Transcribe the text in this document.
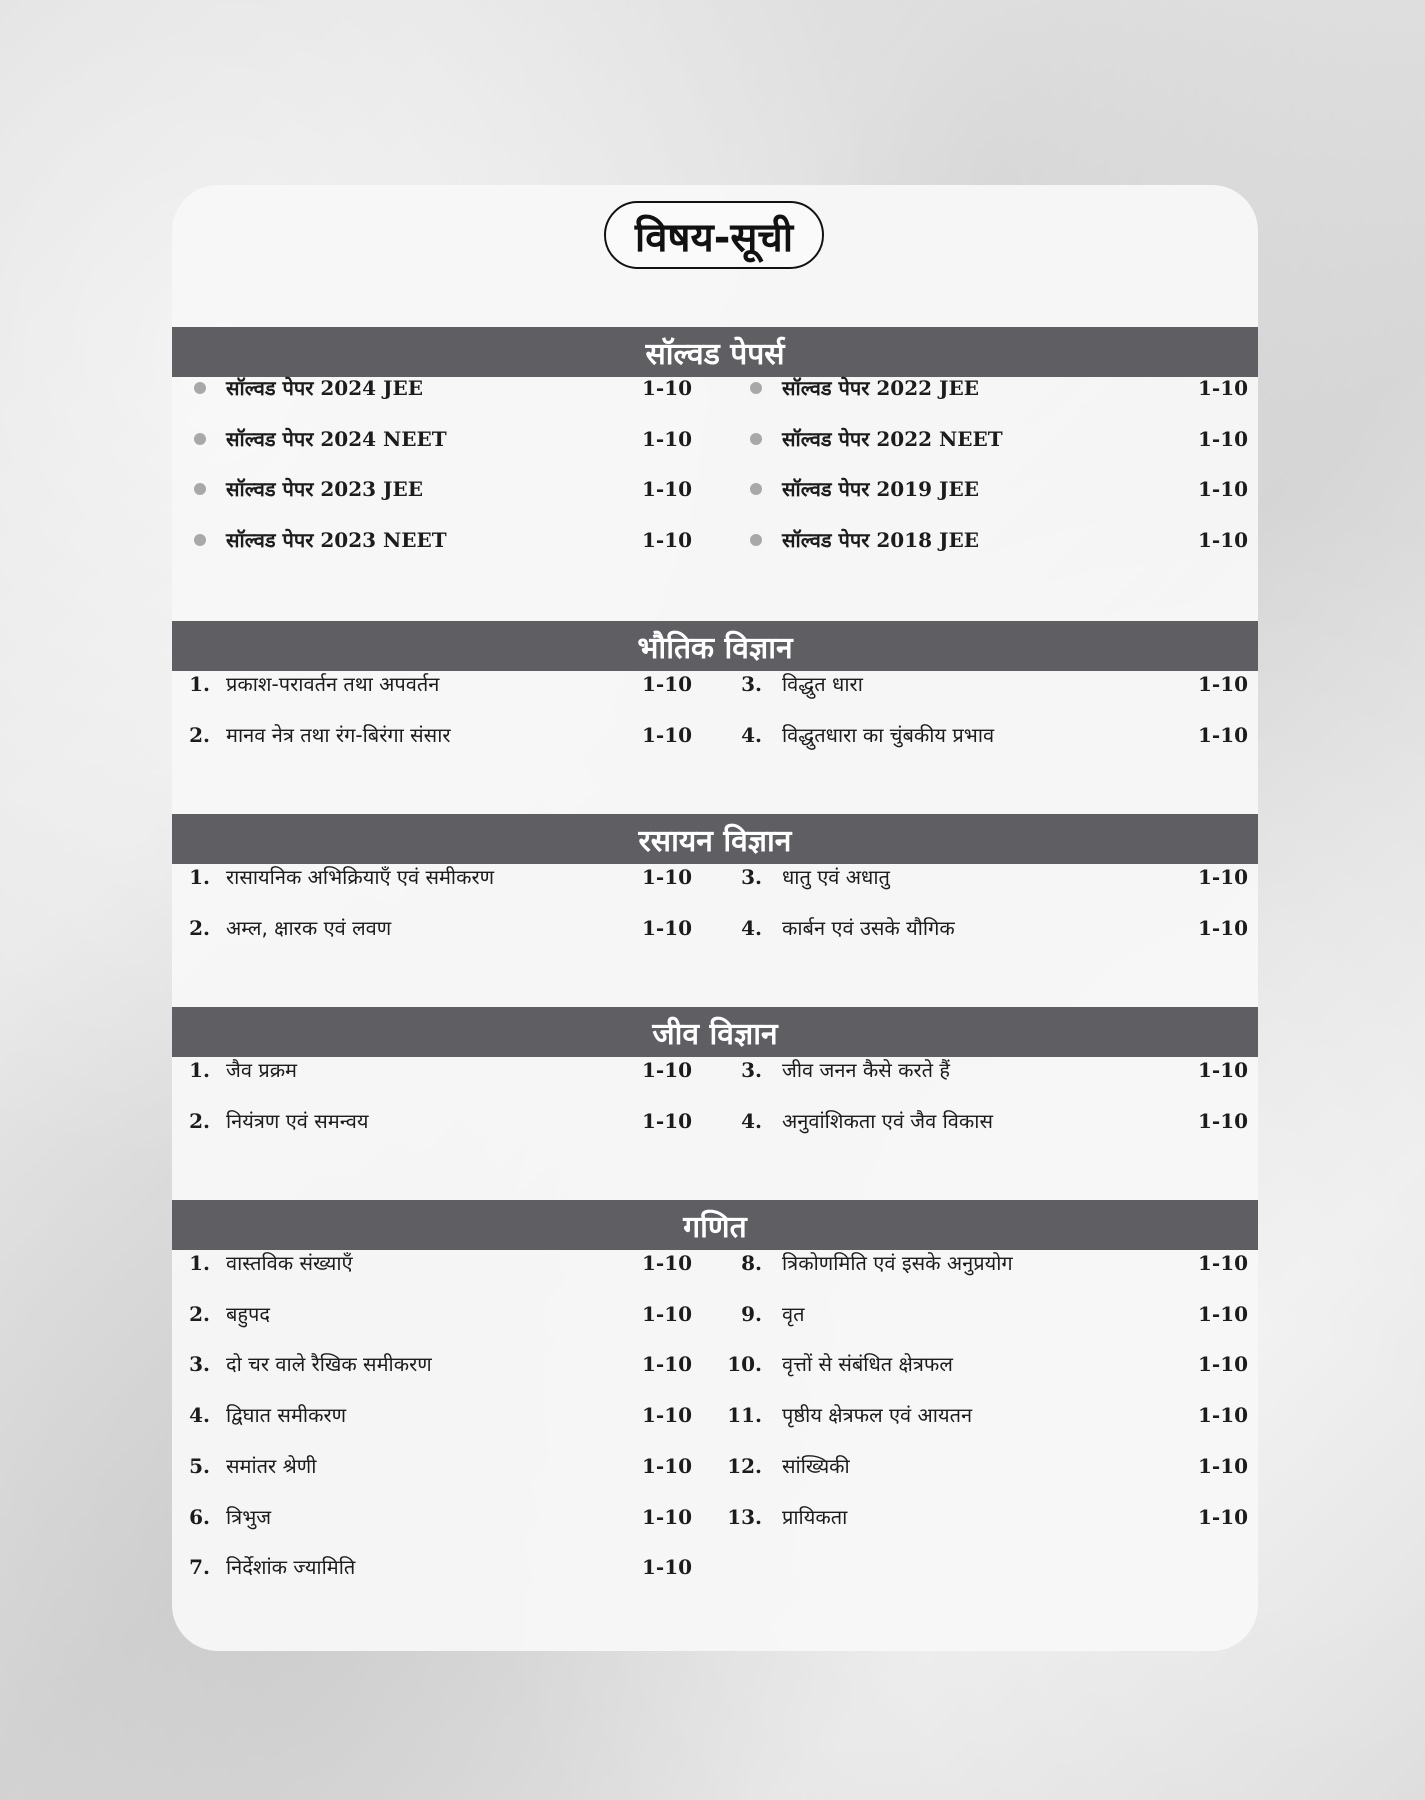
विषय-सूची
सॉल्वड पेपर्स
सॉल्वड पेपर 2024 JEE	1-10
सॉल्वड पेपर 2024 NEET	1-10
सॉल्वड पेपर 2023 JEE	1-10
सॉल्वड पेपर 2023 NEET	1-10
सॉल्वड पेपर 2022 JEE	1-10
सॉल्वड पेपर 2022 NEET	1-10
सॉल्वड पेपर 2019 JEE	1-10
सॉल्वड पेपर 2018 JEE	1-10
भौतिक विज्ञान
1. प्रकाश-परावर्तन तथा अपवर्तन	1-10
2. मानव नेत्र तथा रंग-बिरंगा संसार	1-10
3. विद्धुत धारा	1-10
4. विद्धुतधारा का चुंबकीय प्रभाव	1-10
रसायन विज्ञान
1. रासायनिक अभिक्रियाएँ एवं समीकरण	1-10
2. अम्ल, क्षारक एवं लवण	1-10
3. धातु एवं अधातु	1-10
4. कार्बन एवं उसके यौगिक	1-10
जीव विज्ञान
1. जैव प्रक्रम	1-10
2. नियंत्रण एवं समन्वय	1-10
3. जीव जनन कैसे करते हैं	1-10
4. अनुवांशिकता एवं जैव विकास	1-10
गणित
1. वास्तविक संख्याएँ	1-10
2. बहुपद	1-10
3. दो चर वाले रैखिक समीकरण	1-10
4. द्विघात समीकरण	1-10
5. समांतर श्रेणी	1-10
6. त्रिभुज	1-10
7. निर्देशांक ज्यामिति	1-10
8. त्रिकोणमिति एवं इसके अनुप्रयोग	1-10
9. वृत	1-10
10. वृत्तों से संबंधित क्षेत्रफल	1-10
11. पृष्ठीय क्षेत्रफल एवं आयतन	1-10
12. सांख्यिकी	1-10
13. प्रायिकता	1-10
